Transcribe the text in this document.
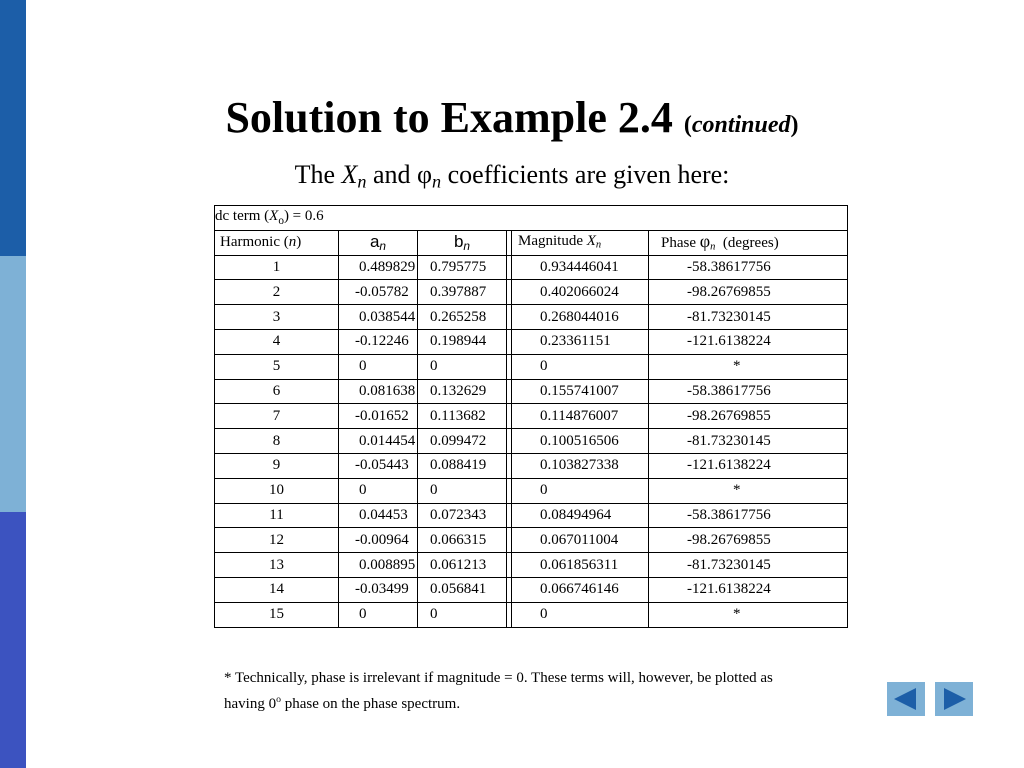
Solution to Example 2.4 (continued)
The $X_n$ and $\varphi_n$ coefficients are given here:
dc term $(X_o) = 0.6$					
Harmonic (n)	$a_n$	$b_n$		Magnitude $X_n$	Phase $\varphi_n$ (degrees)
1	0.489829	0.795775		0.934446041	-58.38617756
2	-0.05782	0.397887		0.402066024	-98.26769855
3	0.038544	0.265258		0.268044016	-81.73230145
4	-0.12246	0.198944		0.23361151	-121.6138224
5	0	0		0	*
6	0.081638	0.132629		0.155741007	-58.38617756
7	-0.01652	0.113682		0.114876007	-98.26769855
8	0.014454	0.099472		0.100516506	-81.73230145
9	-0.05443	0.088419		0.103827338	-121.6138224
10	0	0		0	*
11	0.04453	0.072343		0.08494964	-58.38617756
12	-0.00964	0.066315		0.067011004	-98.26769855
13	0.008895	0.061213		0.061856311	-81.73230145
14	-0.03499	0.056841		0.066746146	-121.6138224
15	0	0		0	*
* Technically, phase is irrelevant if magnitude = 0. These terms will, however, be plotted as having 0$^o$ phase on the phase spectrum.
